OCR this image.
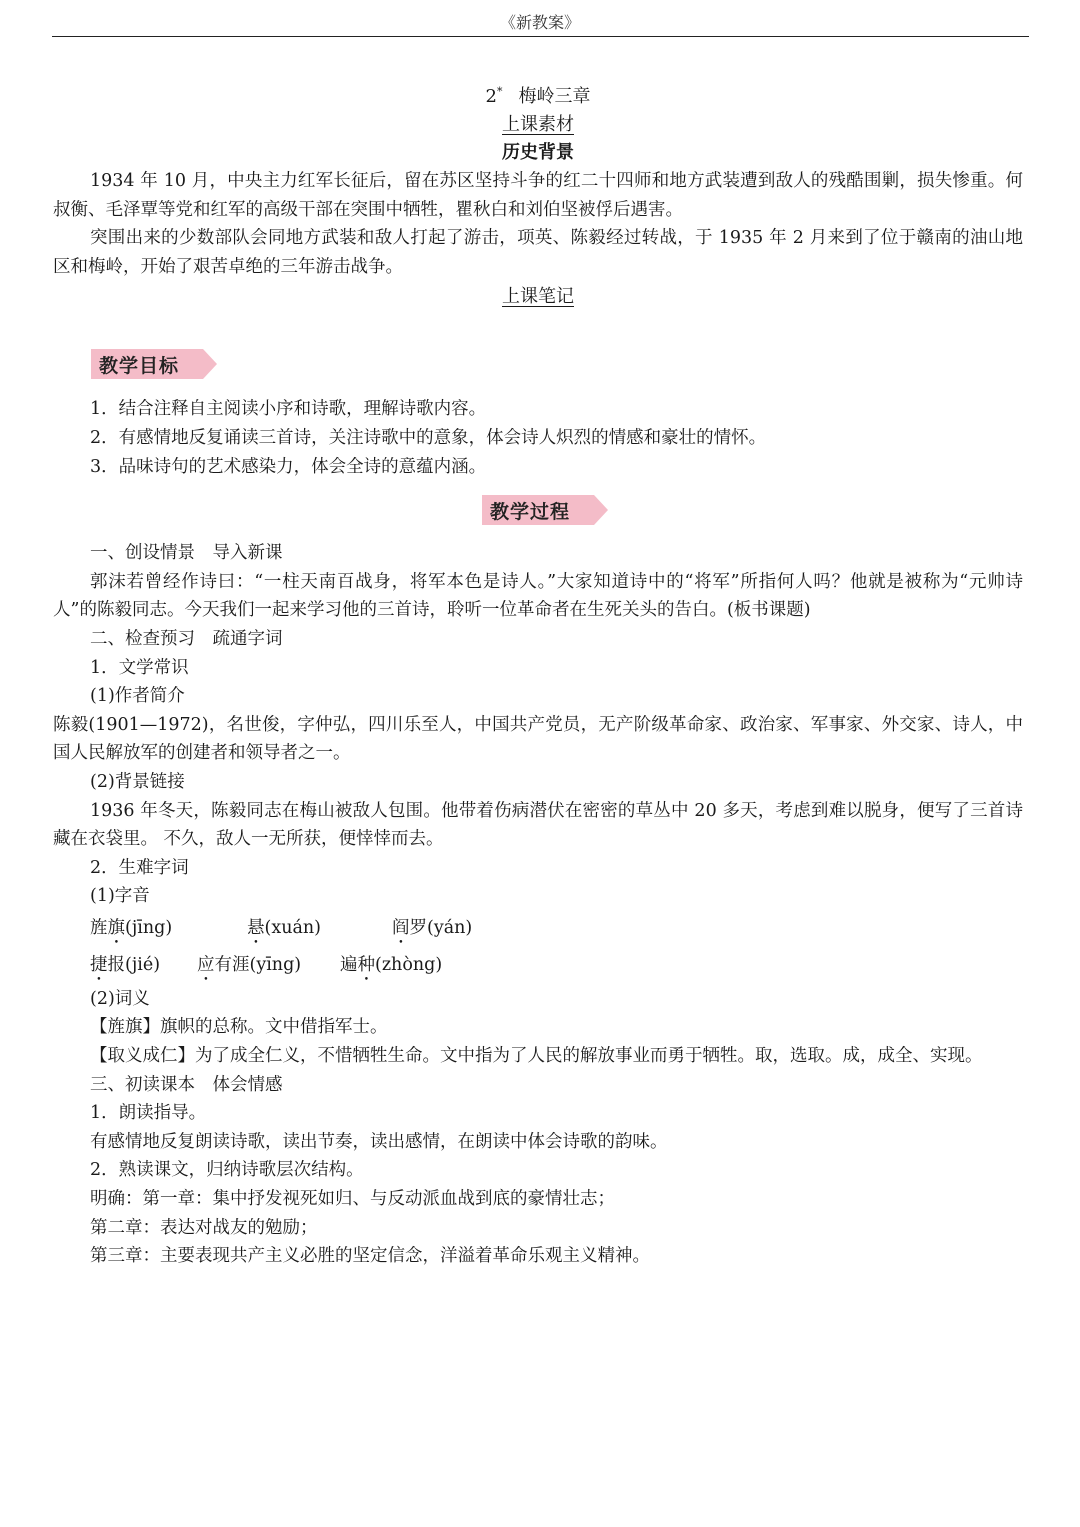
《新教案》
2* 梅岭三章
上课素材
历史背景

1934 年 10 月，中央主力红军长征后，留在苏区坚持斗争的红二十四师和地方武装遭到敌人的残酷围剿，损失惨重。何叔衡、毛泽覃等党和红军的高级干部在突围中牺牲，瞿秋白和刘伯坚被俘后遇害。

突围出来的少数部队会同地方武装和敌人打起了游击，项英、陈毅经过转战，于 1935 年 2 月来到了位于赣南的油山地区和梅岭，开始了艰苦卓绝的三年游击战争。

上课笔记
教学目标

1．结合注释自主阅读小序和诗歌，理解诗歌内容。

2．有感情地反复诵读三首诗，关注诗歌中的意象，体会诗人炽烈的情感和豪壮的情怀。

3．品味诗句的艺术感染力，体会全诗的意蕴内涵。

教学过程

一、创设情景　导入新课

郭沫若曾经作诗曰：“一柱天南百战身，将军本色是诗人。”大家知道诗中的“将军”所指何人吗？他就是被称为“元帅诗人”的陈毅同志。今天我们一起来学习他的三首诗，聆听一位革命者在生死关头的告白。(板书课题)

二、检查预习　疏通字词

1．文学常识

(1)作者简介

陈毅(1901—1972)，名世俊，字仲弘，四川乐至人，中国共产党员，无产阶级革命家、政治家、军事家、外交家、诗人，中国人民解放军的创建者和领导者之一。

(2)背景链接

1936 年冬天，陈毅同志在梅山被敌人包围。他带着伤病潜伏在密密的草丛中 20 多天，考虑到难以脱身，便写了三首诗藏在衣袋里。 不久，敌人一无所获，便悻悻而去。

2．生难字词

(1)字音

旌旗(jīng)	悬(xuán)	阎罗(yán)
捷报(jié)	应有涯(yīng)	遍种(zhòng)

(2)词义

【旌旗】旗帜的总称。文中借指军士。

【取义成仁】为了成全仁义，不惜牺牲生命。文中指为了人民的解放事业而勇于牺牲。取，选取。成，成全、实现。

三、初读课本　体会情感

1．朗读指导。

有感情地反复朗读诗歌，读出节奏，读出感情，在朗读中体会诗歌的韵味。

2．熟读课文，归纳诗歌层次结构。

明确：第一章：集中抒发视死如归、与反动派血战到底的豪情壮志；

第二章：表达对战友的勉励；

第三章：主要表现共产主义必胜的坚定信念，洋溢着革命乐观主义精神。
